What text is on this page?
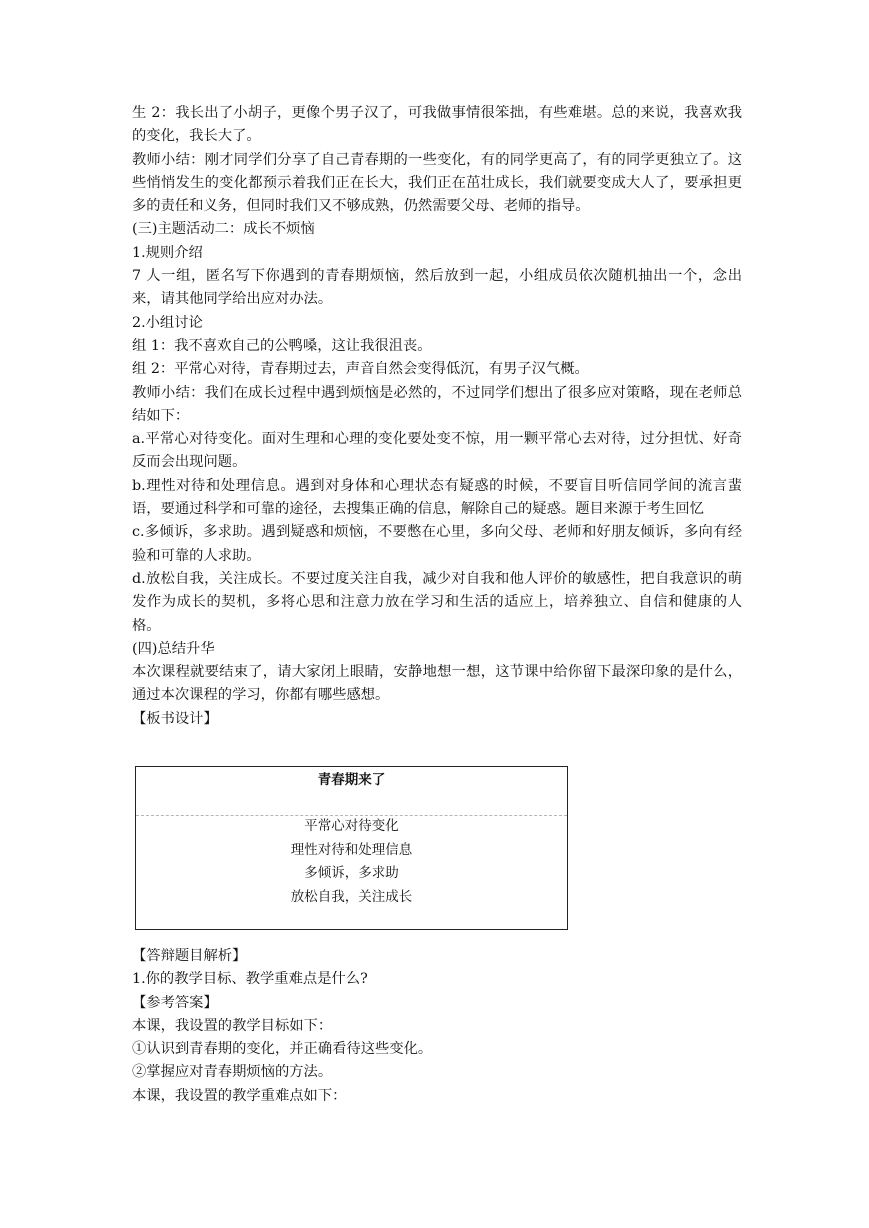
生 2：我长出了小胡子，更像个男子汉了，可我做事情很笨拙，有些难堪。总的来说，我喜欢我的变化，我长大了。

教师小结：刚才同学们分享了自己青春期的一些变化，有的同学更高了，有的同学更独立了。这些悄悄发生的变化都预示着我们正在长大，我们正在茁壮成长，我们就要变成大人了，要承担更多的责任和义务，但同时我们又不够成熟，仍然需要父母、老师的指导。

(三)主题活动二：成长不烦恼

1.规则介绍

7 人一组，匿名写下你遇到的青春期烦恼，然后放到一起，小组成员依次随机抽出一个，念出来，请其他同学给出应对办法。

2.小组讨论

组 1：我不喜欢自己的公鸭嗓，这让我很沮丧。

组 2：平常心对待，青春期过去，声音自然会变得低沉，有男子汉气概。

教师小结：我们在成长过程中遇到烦恼是必然的，不过同学们想出了很多应对策略，现在老师总结如下：

a.平常心对待变化。面对生理和心理的变化要处变不惊，用一颗平常心去对待，过分担忧、好奇反而会出现问题。

b.理性对待和处理信息。遇到对身体和心理状态有疑惑的时候，不要盲目听信同学间的流言蜚语，要通过科学和可靠的途径，去搜集正确的信息，解除自己的疑惑。题目来源于考生回忆

c.多倾诉，多求助。遇到疑惑和烦恼，不要憋在心里，多向父母、老师和好朋友倾诉，多向有经验和可靠的人求助。

d.放松自我，关注成长。不要过度关注自我，减少对自我和他人评价的敏感性，把自我意识的萌发作为成长的契机，多将心思和注意力放在学习和生活的适应上，培养独立、自信和健康的人格。

(四)总结升华

本次课程就要结束了，请大家闭上眼睛，安静地想一想，这节课中给你留下最深印象的是什么，通过本次课程的学习，你都有哪些感想。

【板书设计】

青春期来了
平常心对待变化
理性对待和处理信息
多倾诉，多求助
放松自我，关注成长

【答辩题目解析】

1.你的教学目标、教学重难点是什么?

【参考答案】

本课，我设置的教学目标如下：

①认识到青春期的变化，并正确看待这些变化。

②掌握应对青春期烦恼的方法。

本课，我设置的教学重难点如下：
